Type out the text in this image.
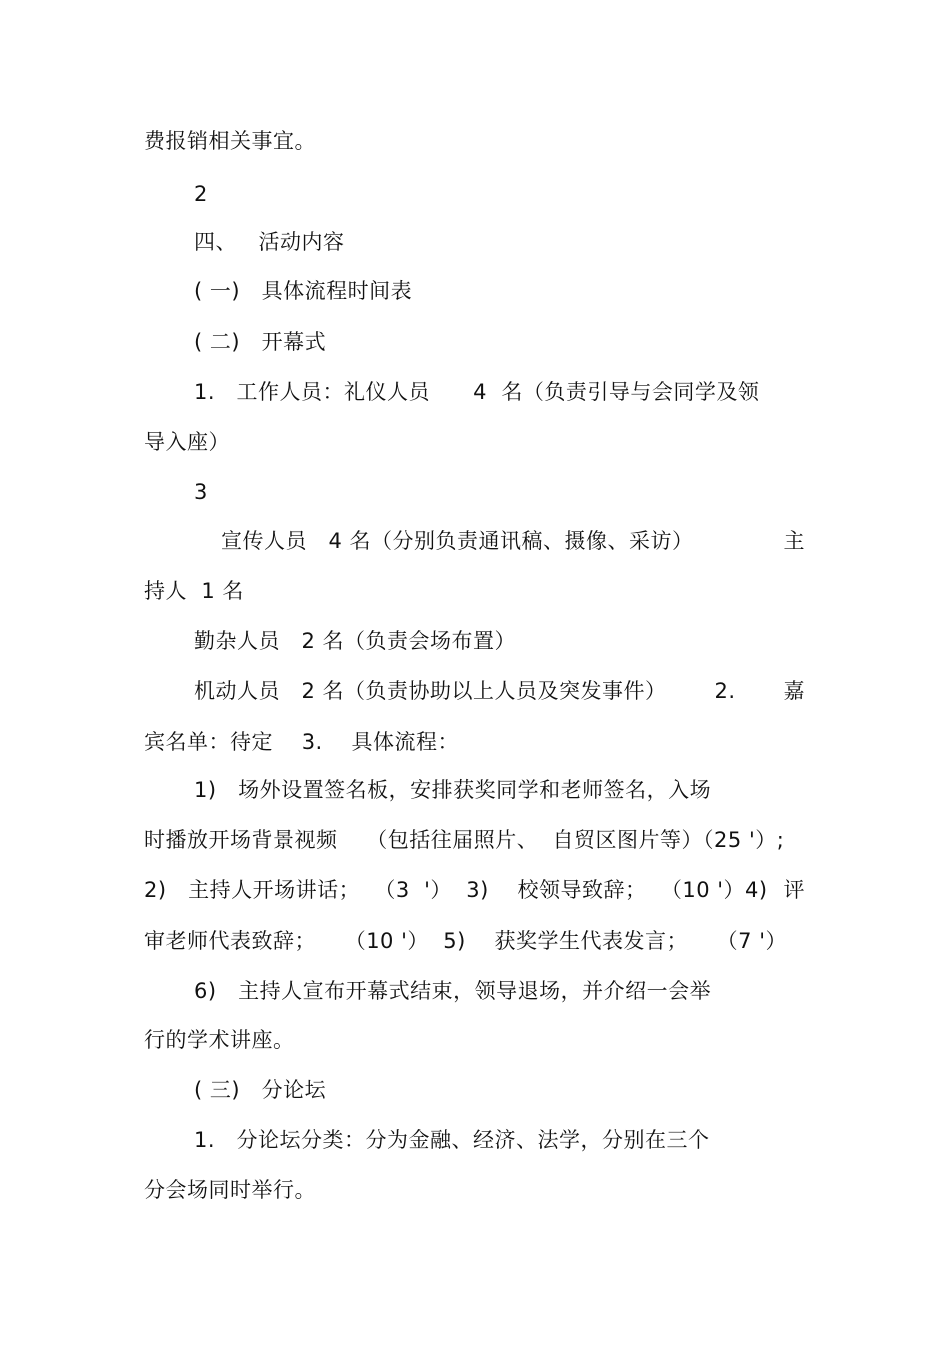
费报销相关事宜。
2
四、   活动内容
( 一)   具体流程时间表
( 二)   开幕式
1.   工作人员：礼仪人员      4  名（负责引导与会同学及领
导入座）
3
宣传人员   4 名（分别负责通讯稿、摄像、采访）	主
持人  1 名
勤杂人员   2 名（负责会场布置）
机动人员   2 名（负责协助以上人员及突发事件） 2. 嘉
宾名单：待定    3.    具体流程：
1)   场外设置签名板，安排获奖同学和老师签名，入场
时播放开场背景视频    （包括往届照片、  自贸区图片等）（25 '）;
2)   主持人开场讲话；  （3  '）  3)    校领导致辞；  （10 '）4) 评
审老师代表致辞；    （10 '）  5)    获奖学生代表发言；    （7 '）
6)   主持人宣布开幕式结束，领导退场，并介绍一会举
行的学术讲座。
( 三)   分论坛
1.   分论坛分类：分为金融、经济、法学，分别在三个
分会场同时举行。
